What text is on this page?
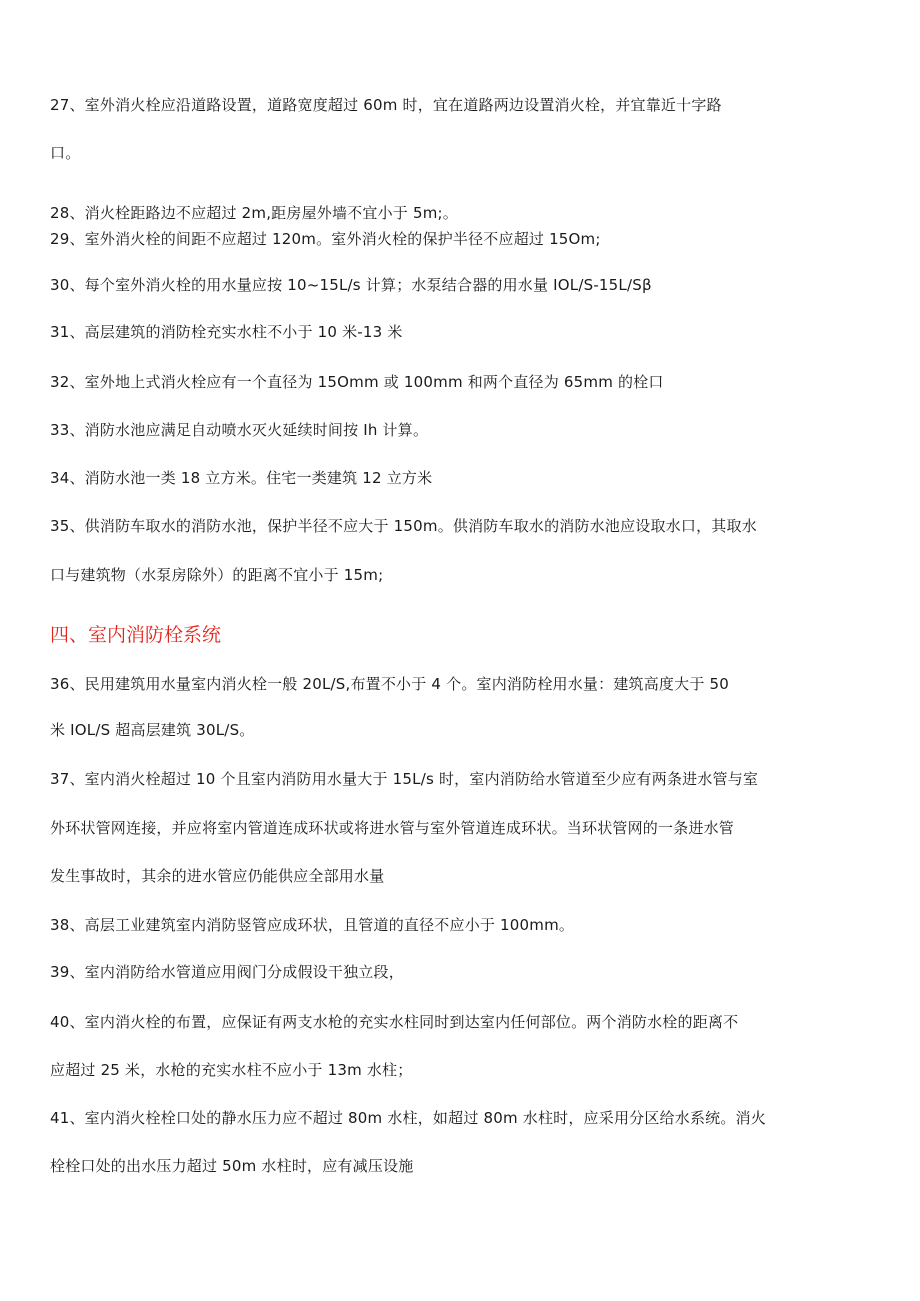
27、室外消火栓应沿道路设置，道路宽度超过 60m 时，宜在道路两边设置消火栓，并宜靠近十字路
口。
28、消火栓距路边不应超过 2m,距房屋外墙不宜小于 5m;。
29、室外消火栓的间距不应超过 120m。室外消火栓的保护半径不应超过 15Om;
30、每个室外消火栓的用水量应按 10~15L/s 计算；水泵结合器的用水量 IOL/S-15L∕Sβ
31、高层建筑的消防栓充实水柱不小于 10 米-13 米
32、室外地上式消火栓应有一个直径为 15Omm 或 100mm 和两个直径为 65mm 的栓口
33、消防水池应满足自动喷水灭火延续时间按 Ih 计算。
34、消防水池一类 18 立方米。住宅一类建筑 12 立方米
35、供消防车取水的消防水池，保护半径不应大于 150m。供消防车取水的消防水池应设取水口，其取水
口与建筑物（水泵房除外）的距离不宜小于 15m;
四、室内消防栓系统
36、民用建筑用水量室内消火栓一般 20L/S,布置不小于 4 个。室内消防栓用水量：建筑高度大于 50
米 IOL/S 超高层建筑 30L∕S。
37、室内消火栓超过 10 个且室内消防用水量大于 15L/s 时，室内消防给水管道至少应有两条进水管与室
外环状管网连接，并应将室内管道连成环状或将进水管与室外管道连成环状。当环状管网的一条进水管
发生事故时，其余的进水管应仍能供应全部用水量
38、高层工业建筑室内消防竖管应成环状，且管道的直径不应小于 100mm。
39、室内消防给水管道应用阀门分成假设干独立段，
40、室内消火栓的布置，应保证有两支水枪的充实水柱同时到达室内任何部位。两个消防水栓的距离不
应超过 25 米，水枪的充实水柱不应小于 13m 水柱；
41、室内消火栓栓口处的静水压力应不超过 80m 水柱，如超过 80m 水柱时，应采用分区给水系统。消火
栓栓口处的出水压力超过 50m 水柱时，应有减压设施
